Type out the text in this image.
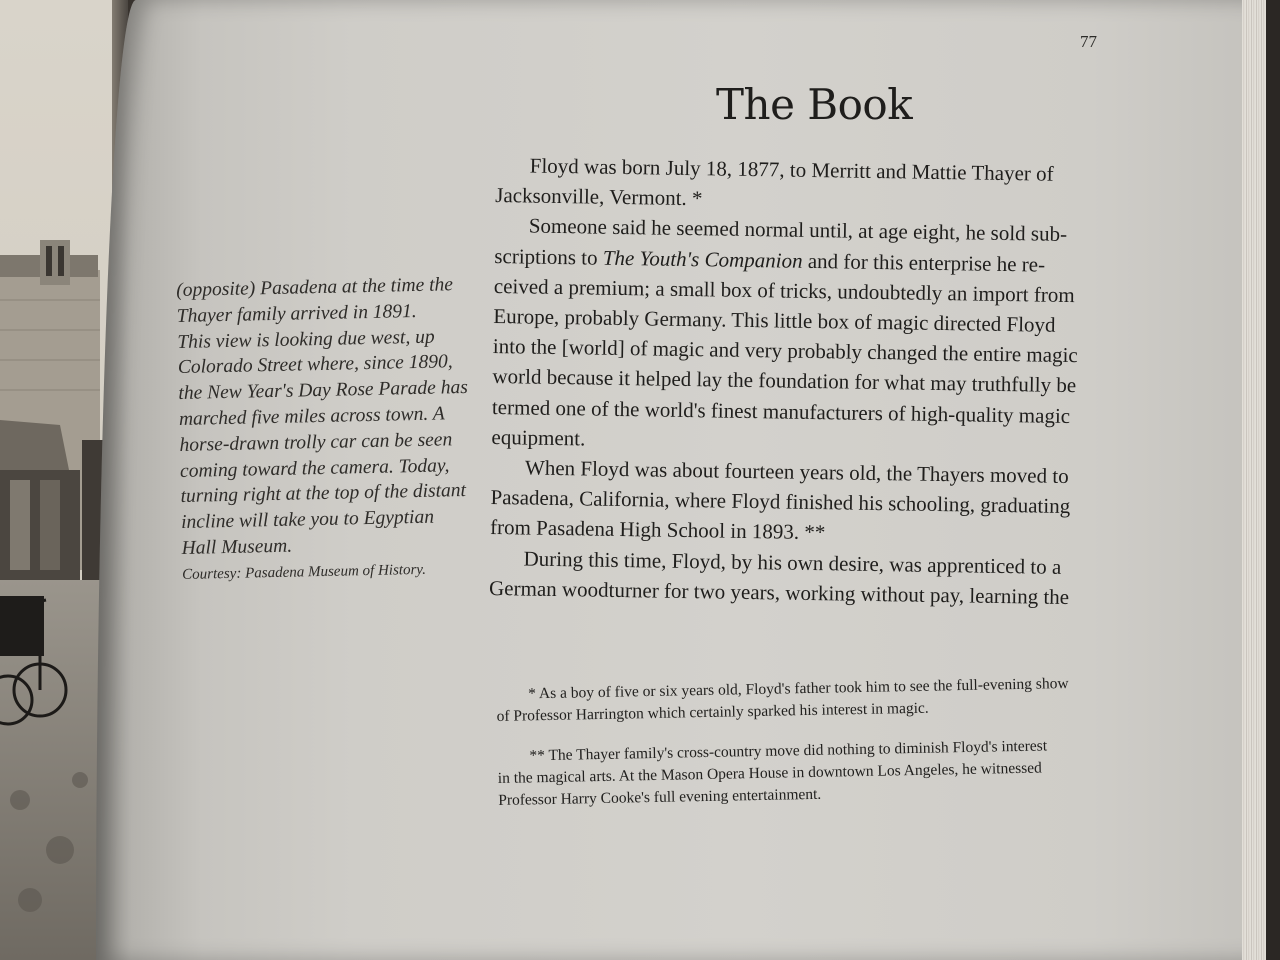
77
The Book
(opposite) Pasadena at the time the
Thayer family arrived in 1891.
This view is looking due west, up
Colorado Street where, since 1890,
the New Year's Day Rose Parade has
marched five miles across town. A
horse-drawn trolly car can be seen
coming toward the camera. Today,
turning right at the top of the distant
incline will take you to Egyptian
Hall Museum.
Courtesy: Pasadena Museum of History.
Floyd was born July 18, 1877, to Merritt and Mattie Thayer of
Jacksonville, Vermont. *
Someone said he seemed normal until, at age eight, he sold sub-
scriptions to The Youth's Companion and for this enterprise he re-
ceived a premium; a small box of tricks, undoubtedly an import from
Europe, probably Germany. This little box of magic directed Floyd
into the [world] of magic and very probably changed the entire magic
world because it helped lay the foundation for what may truthfully be
termed one of the world's finest manufacturers of high-quality magic
equipment.
When Floyd was about fourteen years old, the Thayers moved to
Pasadena, California, where Floyd finished his schooling, graduating
from Pasadena High School in 1893. **
During this time, Floyd, by his own desire, was apprenticed to a
German woodturner for two years, working without pay, learning the
* As a boy of five or six years old, Floyd's father took him to see the full-evening show
of Professor Harrington which certainly sparked his interest in magic.
** The Thayer family's cross-country move did nothing to diminish Floyd's interest
in the magical arts. At the Mason Opera House in downtown Los Angeles, he witnessed
Professor Harry Cooke's full evening entertainment.
